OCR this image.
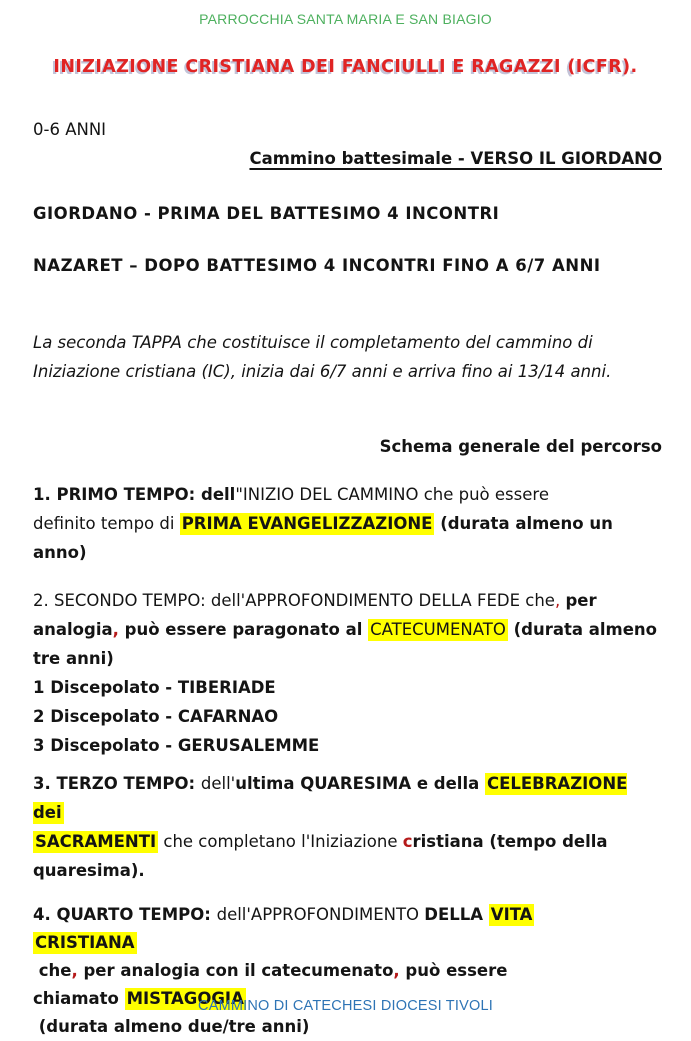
PARROCCHIA SANTA MARIA E SAN BIAGIO
INIZIAZIONE CRISTIANA DEI FANCIULLI E RAGAZZI (ICFR).

0-6 ANNI

Cammino battesimale - VERSO IL GIORDANO

GIORDANO - PRIMA DEL BATTESIMO 4 INCONTRI

NAZARET – DOPO BATTESIMO 4 INCONTRI FINO A 6/7 ANNI

La seconda TAPPA che costituisce il completamento del cammino di
Iniziazione cristiana (IC), inizia dai 6/7 anni e arriva fino ai 13/14 anni.

Schema generale del percorso

1. PRIMO TEMPO: dell"INIZIO DEL CAMMINO che può essere
definito tempo di PRIMA EVANGELIZZAZIONE (durata almeno un anno)

2. SECONDO TEMPO: dell'APPROFONDIMENTO DELLA FEDE che, per
analogia, può essere paragonato al CATECUMENATO (durata almeno
tre anni)

1 Discepolato - TIBERIADE

2 Discepolato - CAFARNAO

3 Discepolato - GERUSALEMME

3. TERZO TEMPO: dell'ultima QUARESIMA e della CELEBRAZIONE dei
SACRAMENTI che completano l'Iniziazione cristiana (tempo della
quaresima).

4. QUARTO TEMPO: dell'APPROFONDIMENTO DELLA VITA
CRISTIANA
che, per analogia con il catecumenato, può essere
chiamato MISTAGOGIA
(durata almeno due/tre anni)

CAMMINO DI CATECHESI DIOCESI TIVOLI
